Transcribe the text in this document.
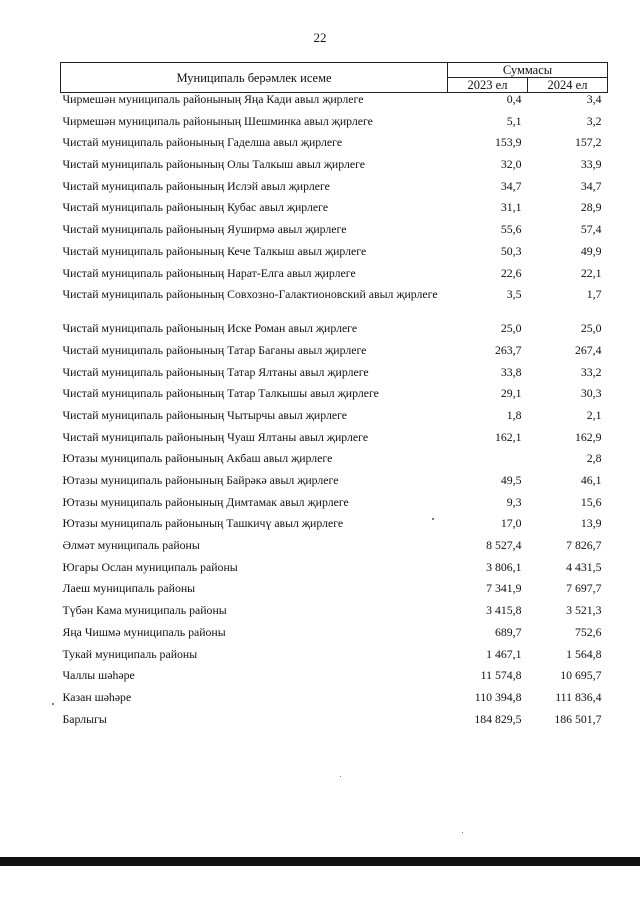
22
Муниципаль берәмлек исеме	Суммасы	
	2023 ел	2024 ел
Чирмешән муниципаль районының Яңа Кади авыл җирлеге	0,4	3,4
Чирмешән муниципаль районының Шешминка авыл җирлеге	5,1	3,2
Чистай муниципаль районының Гаделша авыл җирлеге	153,9	157,2
Чистай муниципаль районының Олы Талкыш авыл җирлеге	32,0	33,9
Чистай муниципаль районының Ислэй авыл җирлеге	34,7	34,7
Чистай муниципаль районының Кубас авыл җирлеге	31,1	28,9
Чистай муниципаль районының Яуширмә авыл җирлеге	55,6	57,4
Чистай муниципаль районының Кече Талкыш авыл җирлеге	50,3	49,9
Чистай муниципаль районының Нарат-Елга авыл җирлеге	22,6	22,1
Чистай муниципаль районының Совхозно-Галактионовский авыл җирлеге	3,5	1,7
Чистай муниципаль районының Иске Роман авыл җирлеге	25,0	25,0
Чистай муниципаль районының Татар Баганы авыл җирлеге	263,7	267,4
Чистай муниципаль районының Татар Ялтаны авыл җирлеге	33,8	33,2
Чистай муниципаль районының Татар Талкышы авыл җирлеге	29,1	30,3
Чистай муниципаль районының Чытырчы авыл җирлеге	1,8	2,1
Чистай муниципаль районының Чуаш Ялтаны авыл җирлеге	162,1	162,9
Ютазы муниципаль районының Акбаш авыл җирлеге		2,8
Ютазы муниципаль районының Байрәкә авыл җирлеге	49,5	46,1
Ютазы муниципаль районының Димтамак авыл җирлеге	9,3	15,6
Ютазы муниципаль районының Ташкичү авыл җирлеге	17,0	13,9
Әлмәт муниципаль районы	8 527,4	7 826,7
Югары Ослан муниципаль районы	3 806,1	4 431,5
Лаеш муниципаль районы	7 341,9	7 697,7
Түбән Кама муниципаль районы	3 415,8	3 521,3
Яңа Чишмә муниципаль районы	689,7	752,6
Тукай муниципаль районы	1 467,1	1 564,8
Чаллы шәһәре	11 574,8	10 695,7
Казан шәһәре	110 394,8	111 836,4
Барлыгы	184 829,5	186 501,7
